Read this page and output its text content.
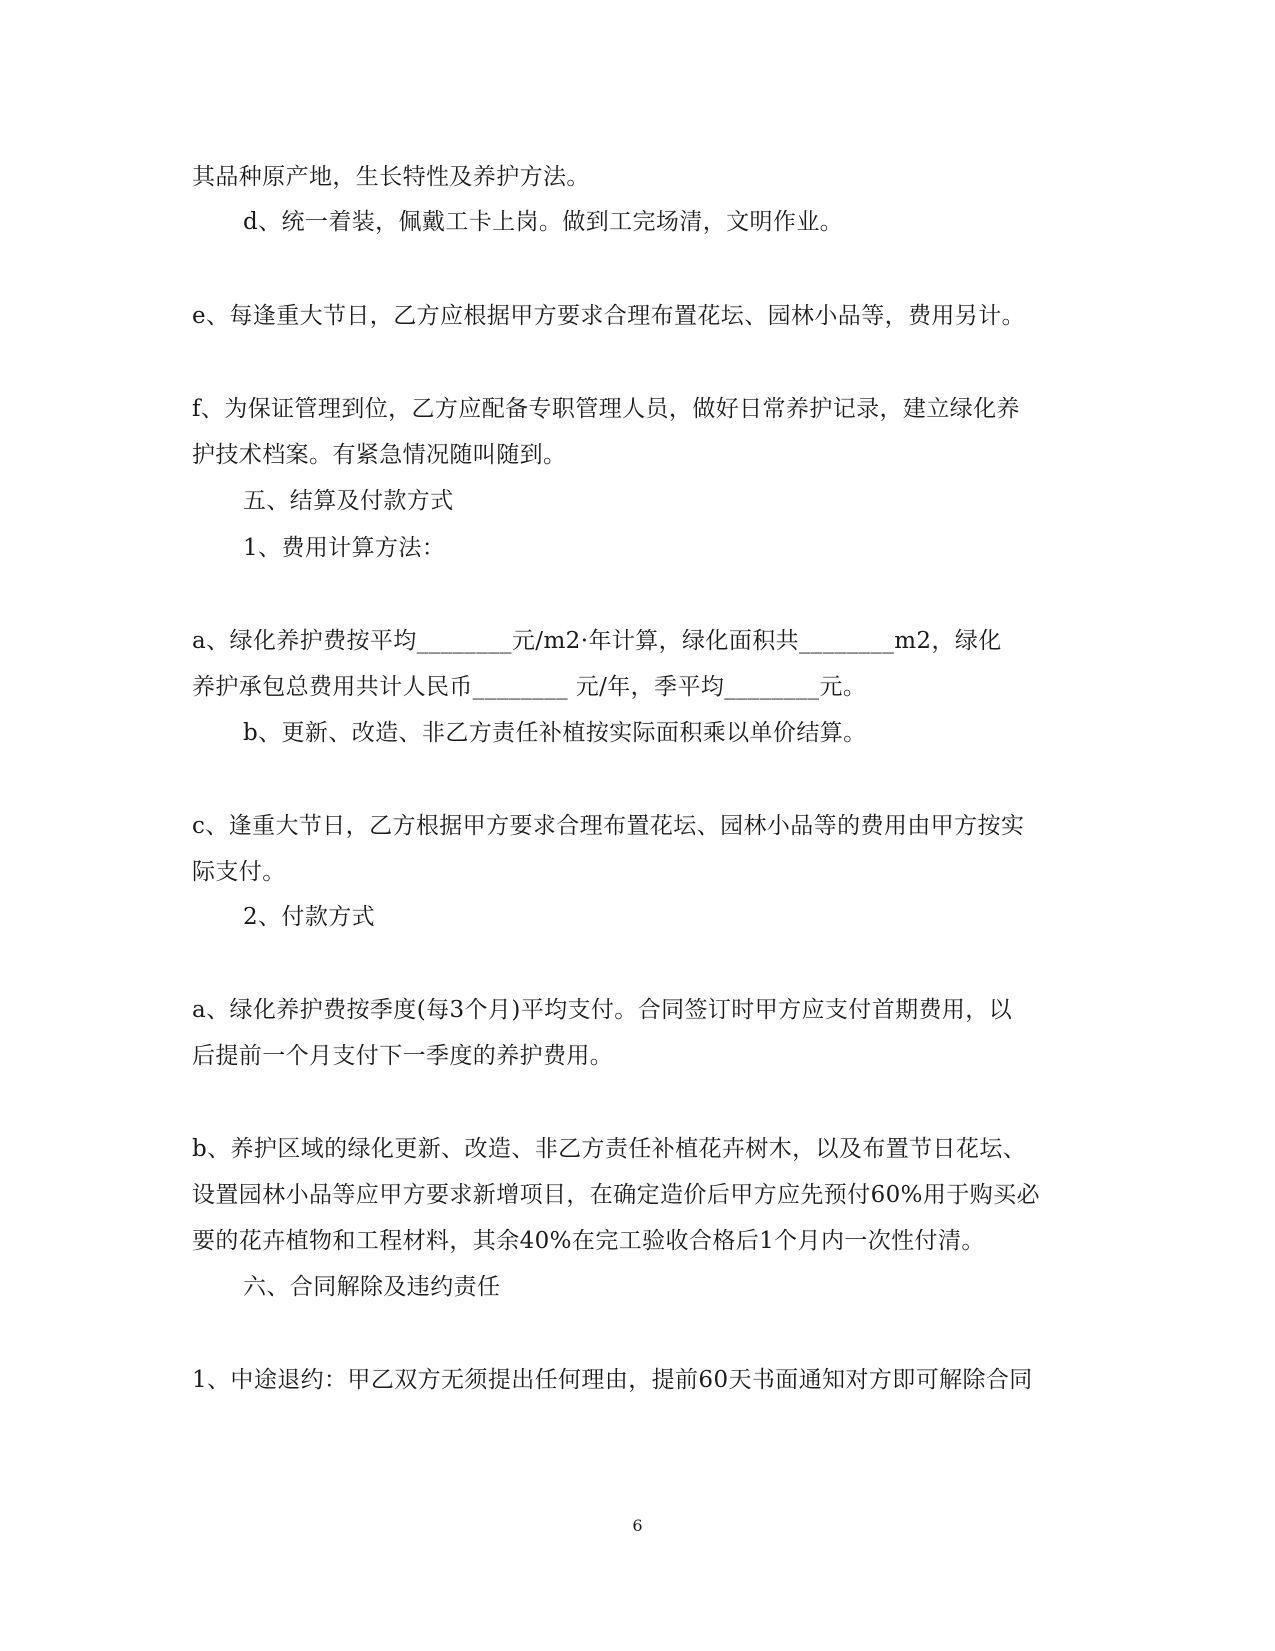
其品种原产地，生长特性及养护方法。
d、统一着装，佩戴工卡上岗。做到工完场清，文明作业。
e、每逢重大节日，乙方应根据甲方要求合理布置花坛、园林小品等，费用另计。
f、为保证管理到位，乙方应配备专职管理人员，做好日常养护记录，建立绿化养
护技术档案。有紧急情况随叫随到。
五、结算及付款方式
1、费用计算方法：
a、绿化养护费按平均________元/m2·年计算，绿化面积共________m2，绿化
养护承包总费用共计人民币________ 元/年，季平均________元。
b、更新、改造、非乙方责任补植按实际面积乘以单价结算。
c、逢重大节日，乙方根据甲方要求合理布置花坛、园林小品等的费用由甲方按实
际支付。
2、付款方式
a、绿化养护费按季度(每3个月)平均支付。合同签订时甲方应支付首期费用，以
后提前一个月支付下一季度的养护费用。
b、养护区域的绿化更新、改造、非乙方责任补植花卉树木，以及布置节日花坛、
设置园林小品等应甲方要求新增项目，在确定造价后甲方应先预付60%用于购买必
要的花卉植物和工程材料，其余40%在完工验收合格后1个月内一次性付清。
六、合同解除及违约责任
1、中途退约：甲乙双方无须提出任何理由，提前60天书面通知对方即可解除合同
6
